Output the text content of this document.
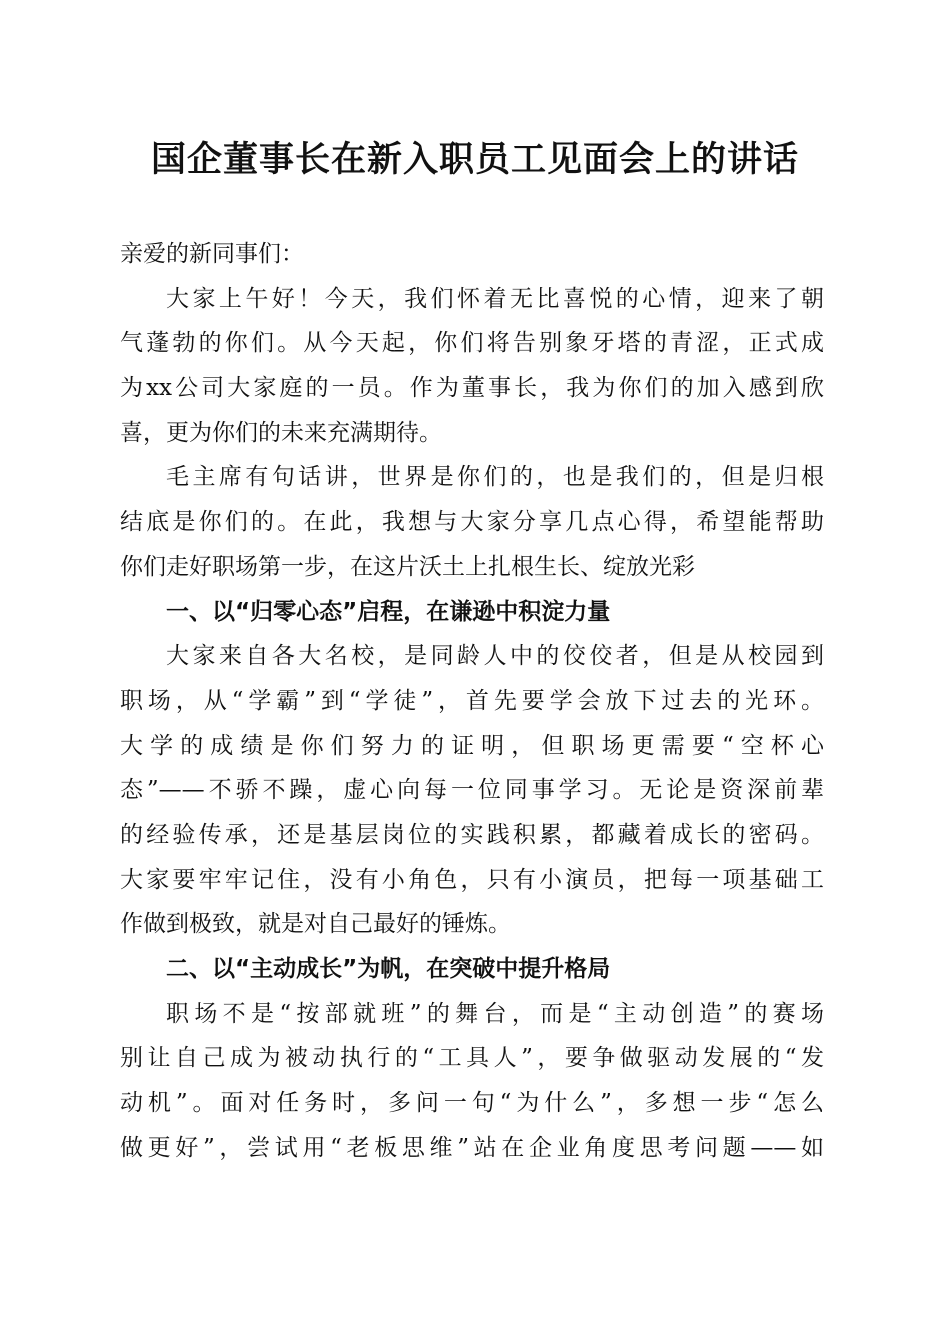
国企董事长在新入职员工见面会上的讲话
亲爱的新同事们：
大家上午好！今天，我们怀着无比喜悦的心情，迎来了朝
气蓬勃的你们。从今天起，你们将告别象牙塔的青涩，正式成
为xx公司大家庭的一员。作为董事长，我为你们的加入感到欣
喜，更为你们的未来充满期待。
毛主席有句话讲，世界是你们的，也是我们的，但是归根
结底是你们的。在此，我想与大家分享几点心得，希望能帮助
你们走好职场第一步，在这片沃土上扎根生长、绽放光彩
一、以“归零心态”启程，在谦逊中积淀力量
大家来自各大名校，是同龄人中的佼佼者，但是从校园到
职场，从“学霸”到“学徒”，首先要学会放下过去的光环。
大学的成绩是你们努力的证明，但职场更需要“空杯心
态”——不骄不躁，虚心向每一位同事学习。无论是资深前辈
的经验传承，还是基层岗位的实践积累，都藏着成长的密码。
大家要牢牢记住，没有小角色，只有小演员，把每一项基础工
作做到极致，就是对自己最好的锤炼。
二、以“主动成长”为帆，在突破中提升格局
职场不是“按部就班”的舞台，而是“主动创造”的赛场
别让自己成为被动执行的“工具人”，要争做驱动发展的“发
动机”。面对任务时，多问一句“为什么”，多想一步“怎么
做更好”，尝试用“老板思维”站在企业角度思考问题——如
